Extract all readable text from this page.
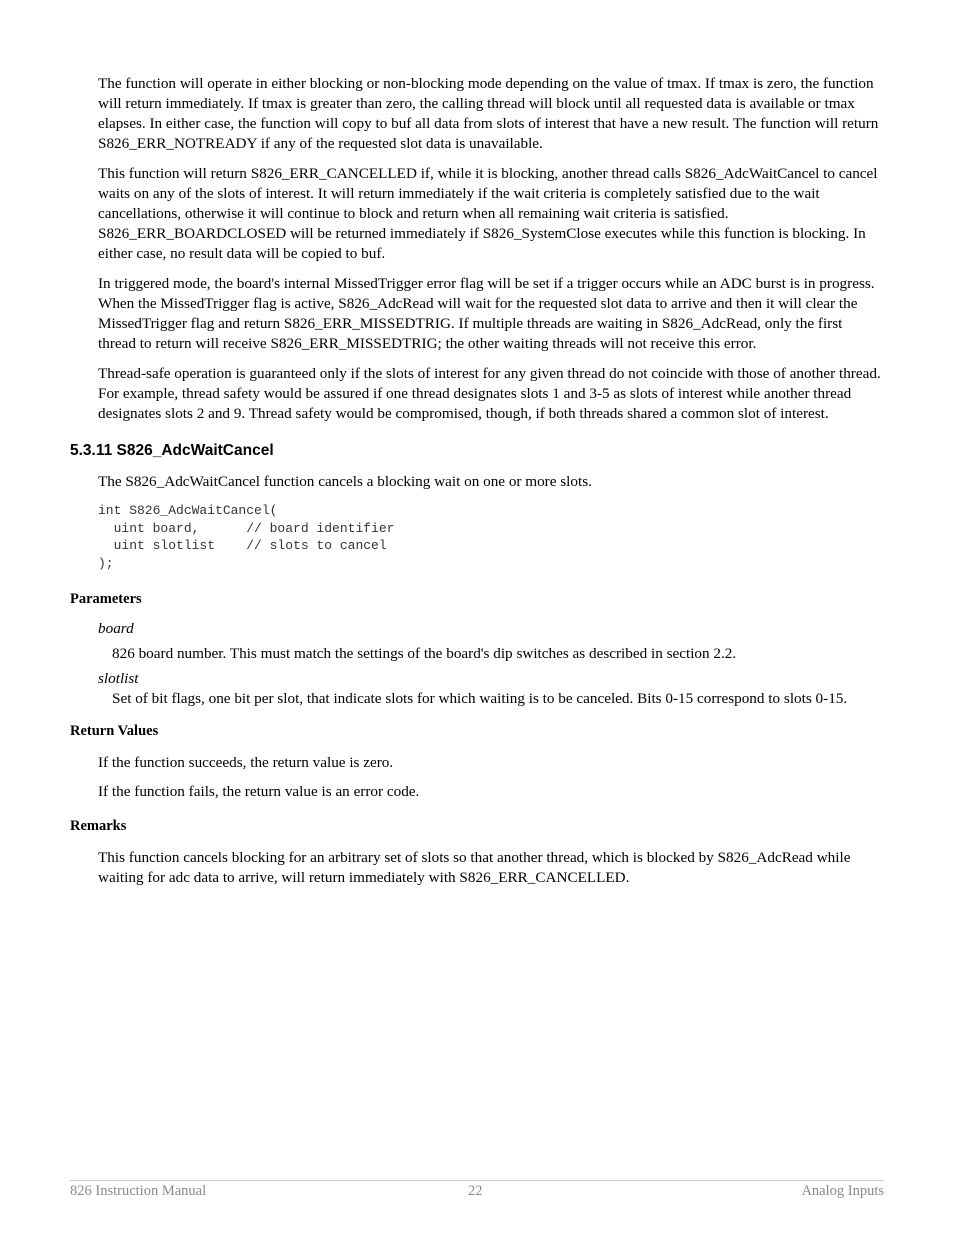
The function will operate in either blocking or non-blocking mode depending on the value of tmax. If tmax is zero, the function will return immediately. If tmax is greater than zero, the calling thread will block until all requested data is available or tmax elapses. In either case, the function will copy to buf all data from slots of interest that have a new result. The function will return S826_ERR_NOTREADY if any of the requested slot data is unavailable.

This function will return S826_ERR_CANCELLED if, while it is blocking, another thread calls S826_AdcWaitCancel to cancel waits on any of the slots of interest. It will return immediately if the wait criteria is completely satisfied due to the wait cancellations, otherwise it will continue to block and return when all remaining wait criteria is satisfied. S826_ERR_BOARDCLOSED will be returned immediately if S826_SystemClose executes while this function is blocking. In either case, no result data will be copied to buf.

In triggered mode, the board's internal MissedTrigger error flag will be set if a trigger occurs while an ADC burst is in progress. When the MissedTrigger flag is active, S826_AdcRead will wait for the requested slot data to arrive and then it will clear the MissedTrigger flag and return S826_ERR_MISSEDTRIG. If multiple threads are waiting in S826_AdcRead, only the first thread to return will receive S826_ERR_MISSEDTRIG; the other waiting threads will not receive this error.

Thread-safe operation is guaranteed only if the slots of interest for any given thread do not coincide with those of another thread. For example, thread safety would be assured if one thread designates slots 1 and 3-5 as slots of interest while another thread designates slots 2 and 9. Thread safety would be compromised, though, if both threads shared a common slot of interest.

5.3.11 S826_AdcWaitCancel

The S826_AdcWaitCancel function cancels a blocking wait on one or more slots.

int S826_AdcWaitCancel(
uint board,      // board identifier
uint slotlist    // slots to cancel
);
Parameters
board
826 board number. This must match the settings of the board's dip switches as described in section 2.2.
slotlist
Set of bit flags, one bit per slot, that indicate slots for which waiting is to be canceled. Bits 0-15 correspond to slots 0-15.
Return Values

If the function succeeds, the return value is zero.

If the function fails, the return value is an error code.

Remarks

This function cancels blocking for an arbitrary set of slots so that another thread, which is blocked by S826_AdcRead while waiting for adc data to arrive, will return immediately with S826_ERR_CANCELLED.

826 Instruction Manual	22	Analog Inputs
